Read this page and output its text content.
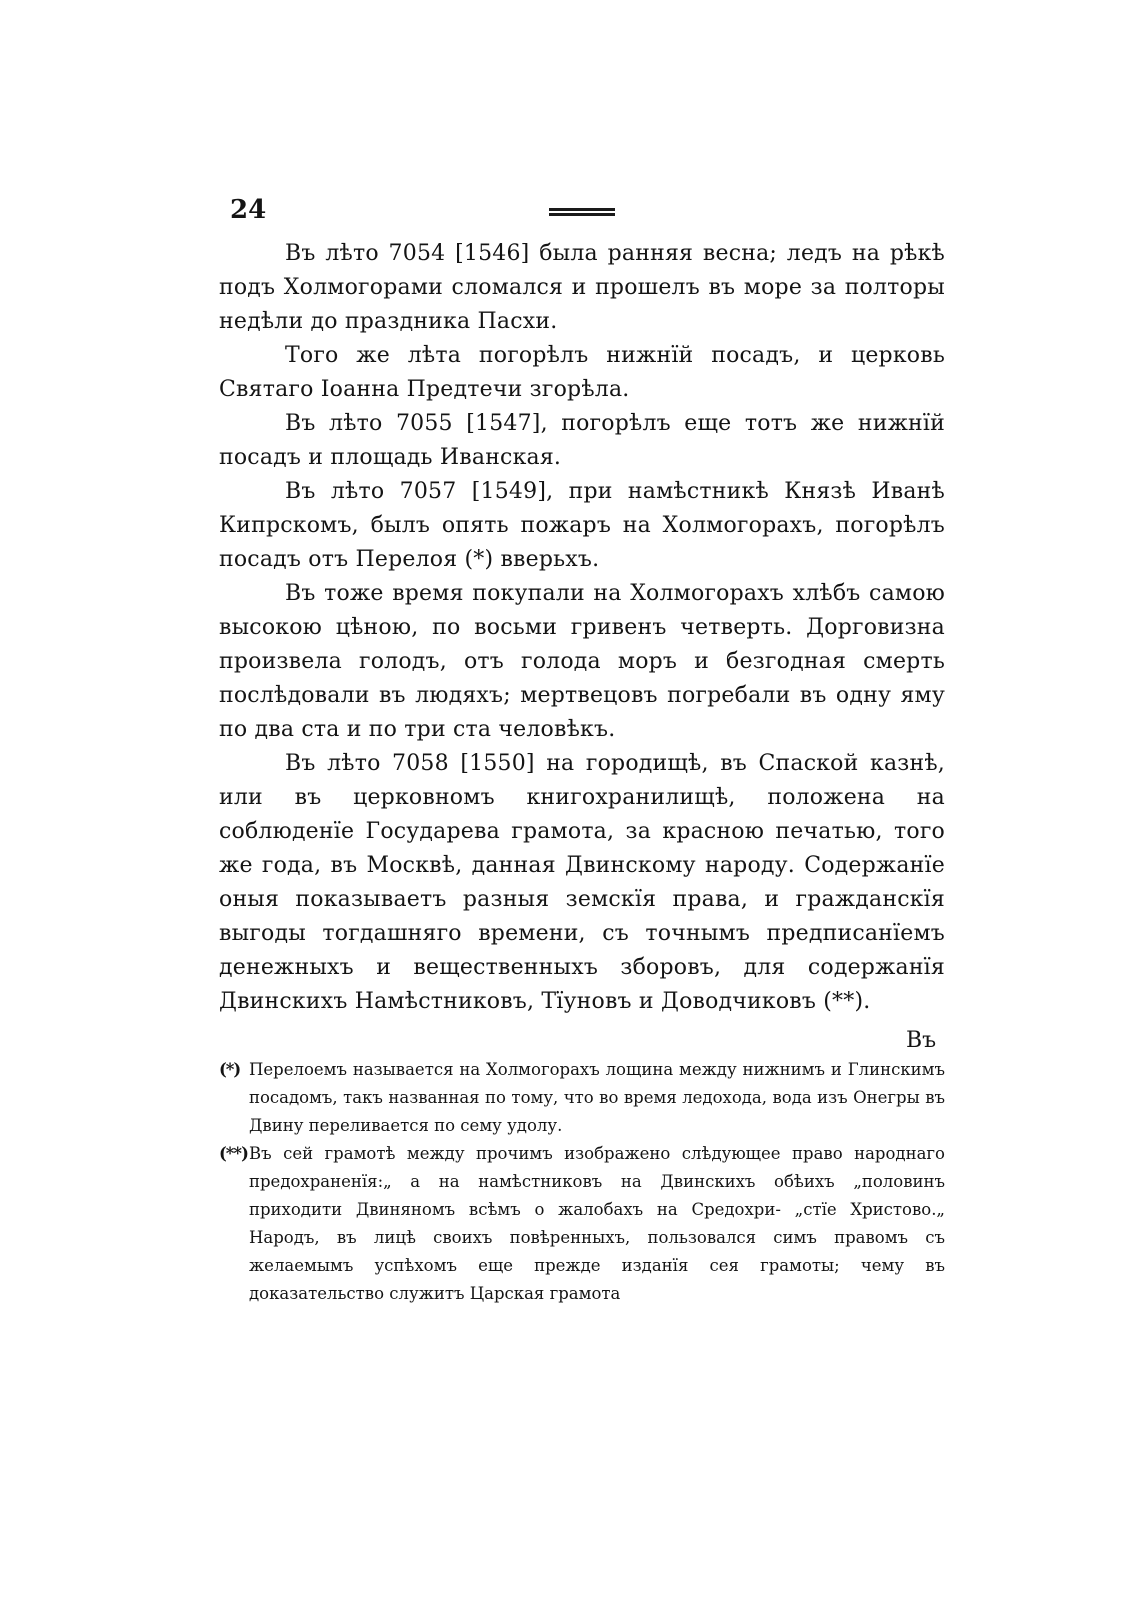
24

Въ лѣто 7054 [1546] была ранняя весна; ледъ на рѣкѣ подъ Холмогорами сломался и прошелъ въ море за полторы недѣли до праздника Пасхи.

Того же лѣта погорѣлъ нижнїй посадъ, и церковь Святаго Іоанна Предтечи згорѣла.

Въ лѣто 7055 [1547], погорѣлъ еще тотъ же нижнїй посадъ и площадь Иванская.

Въ лѣто 7057 [1549], при намѣстникѣ Князѣ Иванѣ Кипрскомъ, былъ опять пожаръ на Холмогорахъ, погорѣлъ посадъ отъ Перелоя (*) вверьхъ.

Въ тоже время покупали на Холмогорахъ хлѣбъ самою высокою цѣною, по восьми гривенъ четверть. Дорговизна произвела голодъ, отъ голода моръ и безгодная смерть послѣдовали въ людяхъ; мертвецовъ погребали въ одну яму по два ста и по три ста человѣкъ.

Въ лѣто 7058 [1550] на городищѣ, въ Спаской казнѣ, или въ церковномъ книгохранилищѣ, положена на соблюденїе Государева грамота, за красною печатью, того же года, въ Москвѣ, данная Двинскому народу. Содержанїе оныя показываетъ разныя земскїя права, и гражданскїя выгоды тогдашняго времени, съ точнымъ предписанїемъ денежныхъ и вещественныхъ зборовъ, для содержанїя Двинскихъ Намѣстниковъ, Тїуновъ и Доводчиковъ (**).

Въ
(*) Перелоемъ называется на Холмогорахъ лощина между нижнимъ и Глинскимъ посадомъ, такъ названная по тому, что во время ледохода, вода изъ Онегры въ Двину переливается по сему удолу.
(**) Въ сей грамотѣ между прочимъ изображено слѣдующее право народнаго предохраненїя:„ а на намѣстниковъ на Двинскихъ обѣихъ „половинъ приходити Двиняномъ всѣмъ о жалобахъ на Средохри- „стїе Христово.„ Народъ, въ лицѣ своихъ повѣренныхъ, пользовался симъ правомъ съ желаемымъ успѣхомъ еще прежде изданїя сея грамоты; чему въ доказательство служитъ Царская грамота
